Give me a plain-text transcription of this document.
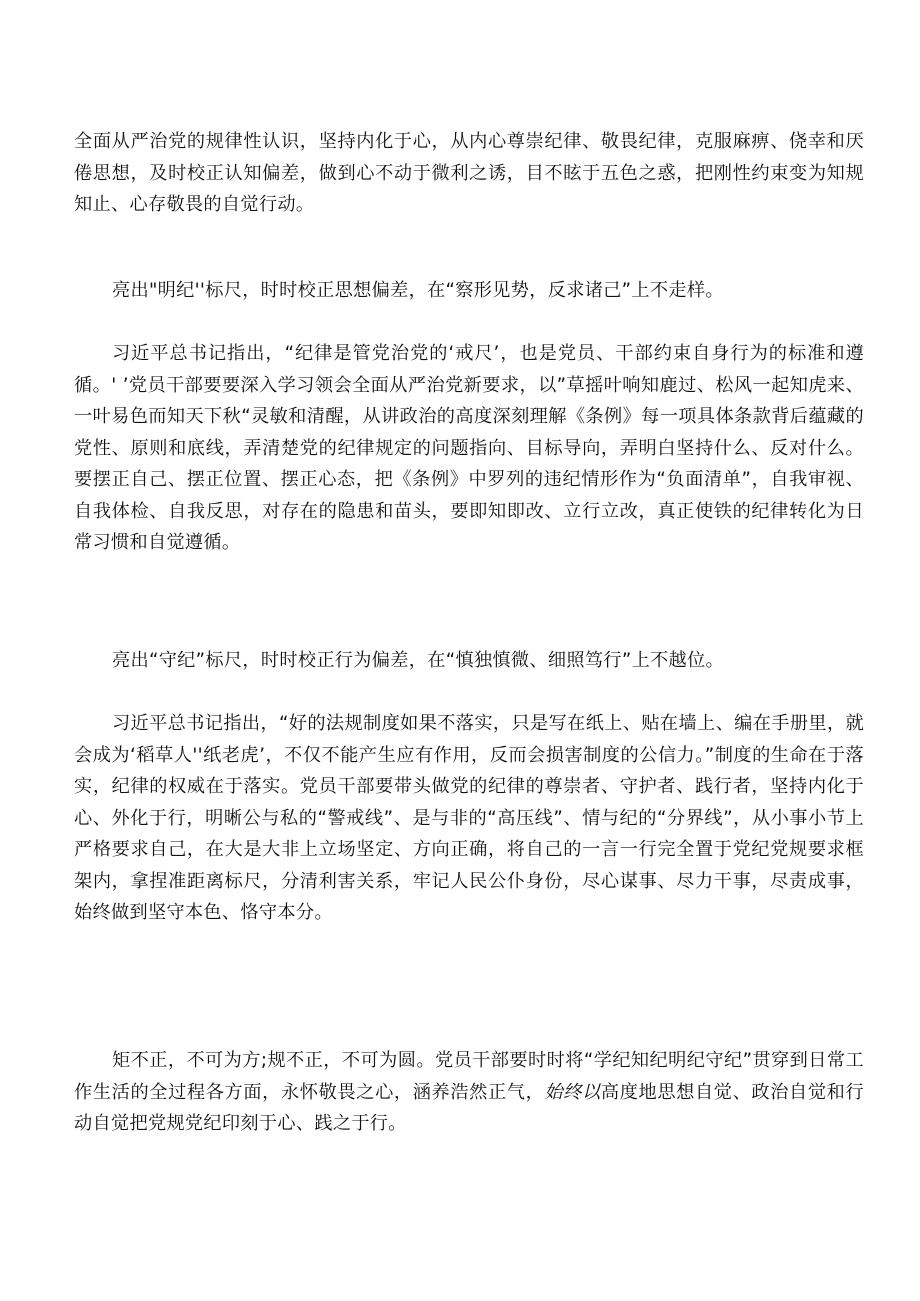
全面从严治党的规律性认识，坚持内化于心，从内心尊崇纪律、敬畏纪律，克服麻痹、侥幸和厌倦思想，及时校正认知偏差，做到心不动于微利之诱，目不眩于五色之惑，把刚性约束变为知规知止、心存敬畏的自觉行动。

亮出"明纪''标尺，时时校正思想偏差，在“察形见势，反求诸己”上不走样。

习近平总书记指出，“纪律是管党治党的‘戒尺’，也是党员、干部约束自身行为的标准和遵循。' ’党员干部要要深入学习领会全面从严治党新要求，以”草摇叶响知鹿过、松风一起知虎来、一叶易色而知天下秋“灵敏和清醒，从讲政治的高度深刻理解《条例》每一项具体条款背后蕴藏的党性、原则和底线，弄清楚党的纪律规定的问题指向、目标导向，弄明白坚持什么、反对什么。要摆正自己、摆正位置、摆正心态，把《条例》中罗列的违纪情形作为“负面清单”，自我审视、自我体检、自我反思，对存在的隐患和苗头，要即知即改、立行立改，真正使铁的纪律转化为日常习惯和自觉遵循。

亮出“守纪”标尺，时时校正行为偏差，在“慎独慎微、细照笃行”上不越位。

习近平总书记指出，“好的法规制度如果不落实，只是写在纸上、贴在墙上、编在手册里，就会成为‘稻草人''纸老虎’，不仅不能产生应有作用，反而会损害制度的公信力。”制度的生命在于落实，纪律的权威在于落实。党员干部要带头做党的纪律的尊崇者、守护者、践行者，坚持内化于心、外化于行，明晰公与私的“警戒线”、是与非的“高压线”、情与纪的“分界线”，从小事小节上严格要求自己，在大是大非上立场坚定、方向正确，将自己的一言一行完全置于党纪党规要求框架内，拿捏准距离标尺，分清利害关系，牢记人民公仆身份，尽心谋事、尽力干事，尽责成事，始终做到坚守本色、恪守本分。

矩不正，不可为方;规不正，不可为圆。党员干部要时时将“学纪知纪明纪守纪”贯穿到日常工作生活的全过程各方面，永怀敬畏之心，涵养浩然正气，始终以高度地思想自觉、政治自觉和行动自觉把党规党纪印刻于心、践之于行。
